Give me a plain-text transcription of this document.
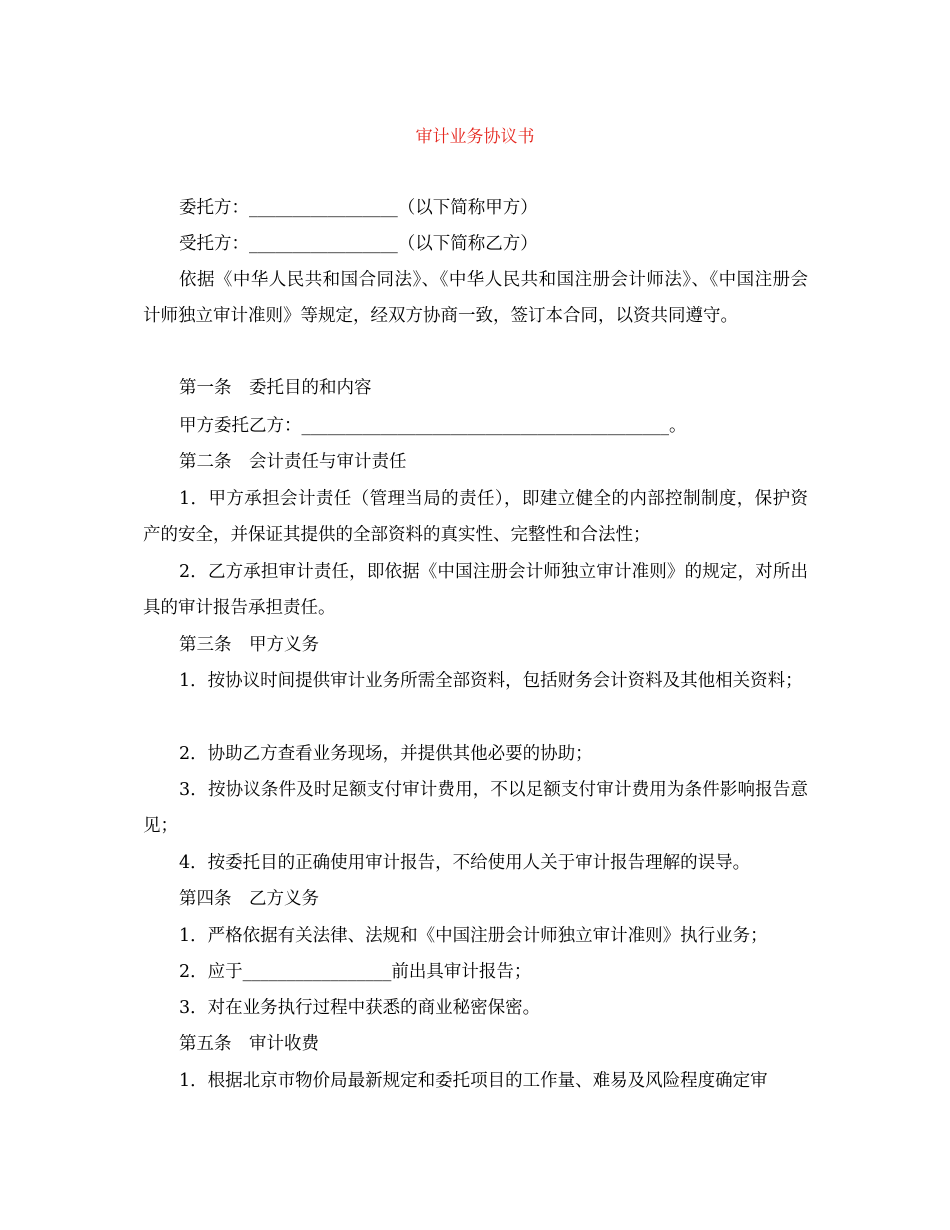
审计业务协议书
委托方：_________________（以下简称甲方）
受托方：_________________（以下简称乙方）
依据《中华人民共和国合同法》、《中华人民共和国注册会计师法》、《中国注册会计师独立审计准则》等规定，经双方协商一致，签订本合同，以资共同遵守。
第一条　委托目的和内容
甲方委托乙方：__________________________________________。
第二条　会计责任与审计责任
1．甲方承担会计责任（管理当局的责任），即建立健全的内部控制制度，保护资产的安全，并保证其提供的全部资料的真实性、完整性和合法性；
2．乙方承担审计责任，即依据《中国注册会计师独立审计准则》的规定，对所出具的审计报告承担责任。
第三条　甲方义务
1．按协议时间提供审计业务所需全部资料，包括财务会计资料及其他相关资料；
2．协助乙方查看业务现场，并提供其他必要的协助；
3．按协议条件及时足额支付审计费用，不以足额支付审计费用为条件影响报告意见；
4．按委托目的正确使用审计报告，不给使用人关于审计报告理解的误导。
第四条　乙方义务
1．严格依据有关法律、法规和《中国注册会计师独立审计准则》执行业务；
2．应于_________________前出具审计报告；
3．对在业务执行过程中获悉的商业秘密保密。
第五条　审计收费
1．根据北京市物价局最新规定和委托项目的工作量、难易及风险程度确定审
